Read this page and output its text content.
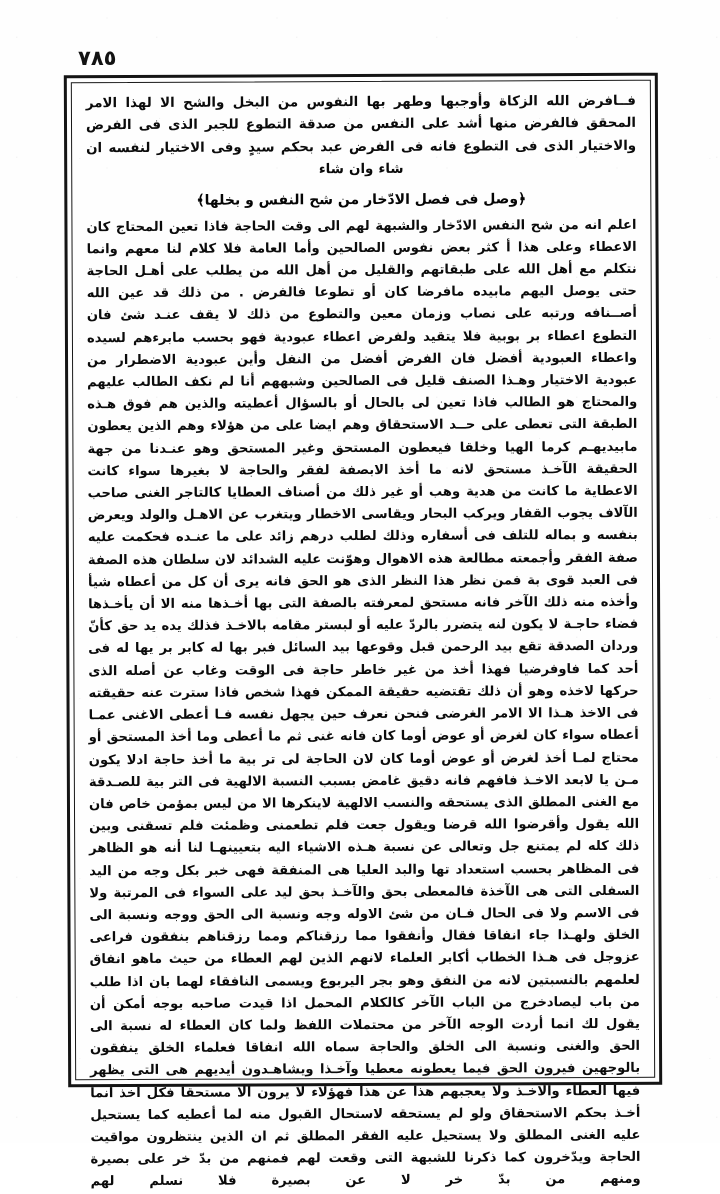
٥٨٧

فــافرض الله الزكاة وأوجبها وطهر بها النفوس من البخل والشح الا لهذا الامر المحقق فالفرض منها أشد على النفس من صدقة التطوع للجبر الذى فى الفرض والاختيار الذى فى التطوع فانه فى الفرض عبد بحكم سيدٍ وفى الاختيار لنفسه ان شاء وان شاء

﴿وصل فى فصل الادّخار من شح النفس و بخلها﴾

اعلم انه من شح النفس الادّخار والشبهة لهم الى وقت الحاجة فاذا تعين المحتاج كان الاعطاء وعلى هذا أ كثر بعض نفوس الصالحين وأما العامة فلا كلام لنا معهم وانما نتكلم مع أهل الله على طبقاتهم والقليل من أهل الله من يطلب على أهـل الحاجة حتى يوصل اليهم مابيده مافرضا كان أو تطوعا فالفرض . من ذلك قد عين الله أصــنافه ورتبه على نصاب وزمان معين والتطوع من ذلك لا يقف عنـد شئ فان التطوع اعطاء بر بوبية فلا يتقيد ولفرض اعطاء عبودية فهو بحسب مابرءهم لسيده واعطاء العبودية أفضل فان الفرض أفضل من النفل وأين عبودية الاضطرار من عبودية الاختيار وهـذا الصنف قليل فى الصالحين وشبههم أنا لم نكف الطالب عليهم والمحتاج هو الطالب فاذا تعين لى بالحال أو بالسؤال أعطيته والذين هم فوق هـذه الطبقة التى تعطى على حــد الاستحقاق وهم ايضا على من هؤلاء وهم الذين يعطون مابيديهـم كرما الهيا وخلقا فيعطون المستحق وغير المستحق وهو عنـدنا من جهة الحقيقة الآخـذ مستحق لانه ما أخذ الابصفة لفقر والحاجة لا بغيرها سواء كانت الاعطاية ما كانت من هدية وهب أو غير ذلك من أصناف العطايا كالتاجر الغنى صاحب الآلاف يجوب القفار ويركب البحار ويقاسى الاخطار ويتغرب عن الاهـل والولد ويعرض بنفسه و بماله للتلف فى أسفاره وذلك لطلب درهم زائد على ما عنـده فحكمت عليه صفة الفقر وأجمعته مطالعة هذه الاهوال وهوّنت عليه الشدائد لان سلطان هذه الصفة فى العبد قوى بة فمن نظر هذا النظر الذى هو الحق فانه يرى أن كل من أعطاه شيأ وأخذه منه ذلك الآخر فانه مستحق لمعرفته بالصفة التى بها أخـذها منه الا أن يأخـذها فضاء حاجـة لا يكون لنه يتضرر بالردّ عليه أو لبستر مقامه بالاخـذ فذلك يده يد حق كأنّ وردان الصدقة تقع بيد الرحمن قبل وقوعها بيد السائل فبر بها له كابر بر يها له فى أحد كما فاوفرضيا فهذا أخذ من غير خاطر حاجة فى الوقت وغاب عن أصله الذى حركها لاخذه وهو أن ذلك تقتضيه حقيقة الممكن فهذا شخص فاذا سترت عنه حقيقته فى الاخذ هـذا الا الامر الغرضى فنحن نعرف حين يجهل نفسه فـا أعطى الاغنى عمـا أعطاه سواء كان لغرض أو عوض أوما كان فانه غنى ثم ما أعطى وما أخذ المستحق أو محتاج لمـا أخذ لغرض أو عوض أوما كان لان الحاجة لى تر بية ما أخذ حاجة ادلا يكون مـن يا لابعد الاخـذ فافهم فانه دقيق غامض بسبب النسبة الالهية فى التر بية للصـدقة مع الغنى المطلق الذى يستحقه والنسب الالهية لاينكرها الا من ليس بمؤمن خاص فان الله يقول وأقرضوا الله قرضا ويقول جعت فلم تطعمنى وظمئت فلم تسقنى وبين ذلك كله لم يمتنع جل وتعالى عن نسبة هـذه الاشياء اليه بتعيينهـا لنا أنه هو الظاهر فى المظاهر بحسب استعداد تها والبد العليا هى المنفقة فهى خبر بكل وجه من اليد السفلى التى هى الآخذة فالمعطى بحق والآخـذ بحق ليد على السواء فى المرتبة ولا فى الاسم ولا فى الحال فـان من شئ الاوله وجه ونسبة الى الحق ووجه ونسبة الى الخلق ولهـذا جاء انفاقا فقال وأنفقوا مما رزقناكم ومما رزقناهم بنفقون فراعى عزوجل فى هـذا الخطاب أكابر العلماء لانهم الذين لهم العطاء من حيث ماهو انفاق لعلمهم بالنسبتين لانه من النفق وهو بجر اليربوع ويسمى النافقاء لهما بان اذا طلب من باب ليصادخرج من الباب الآخر كالكلام المحمل اذا قيدت صاحبه بوجه أمكن أن يقول لك انما أردت الوجه الآخر من محتملات اللفظ ولما كان العطاء له نسبة الى الحق والغنى ونسبة الى الخلق والحاجة سماه الله انفاقا فعلماء الخلق ينفقون بالوجهين فيرون الحق فيما يعطونه معطيا وآخـذا ويشاهـدون أيديهم هى التى يظهر فيها العطاء والاخـذ ولا يعجبهم هذا عن هذا فهؤلاء لا يرون الا مستحقا فكل آخذ انما أخـذ بحكم الاستحقاق ولو لم يستحقه لاستحال القبول منه لما أعطيه كما يستحيل عليه الغنى المطلق ولا يستحيل عليه الفقر المطلق ثم ان الذين ينتظرون مواقيت الحاجة ويدّخرون كما ذكرنا للشبهة التى وقعت لهم فمنهم من بدّ خر على بصيرة ومنهم من بدّ خر لا عن بصيرة فلا نسلم لهم
